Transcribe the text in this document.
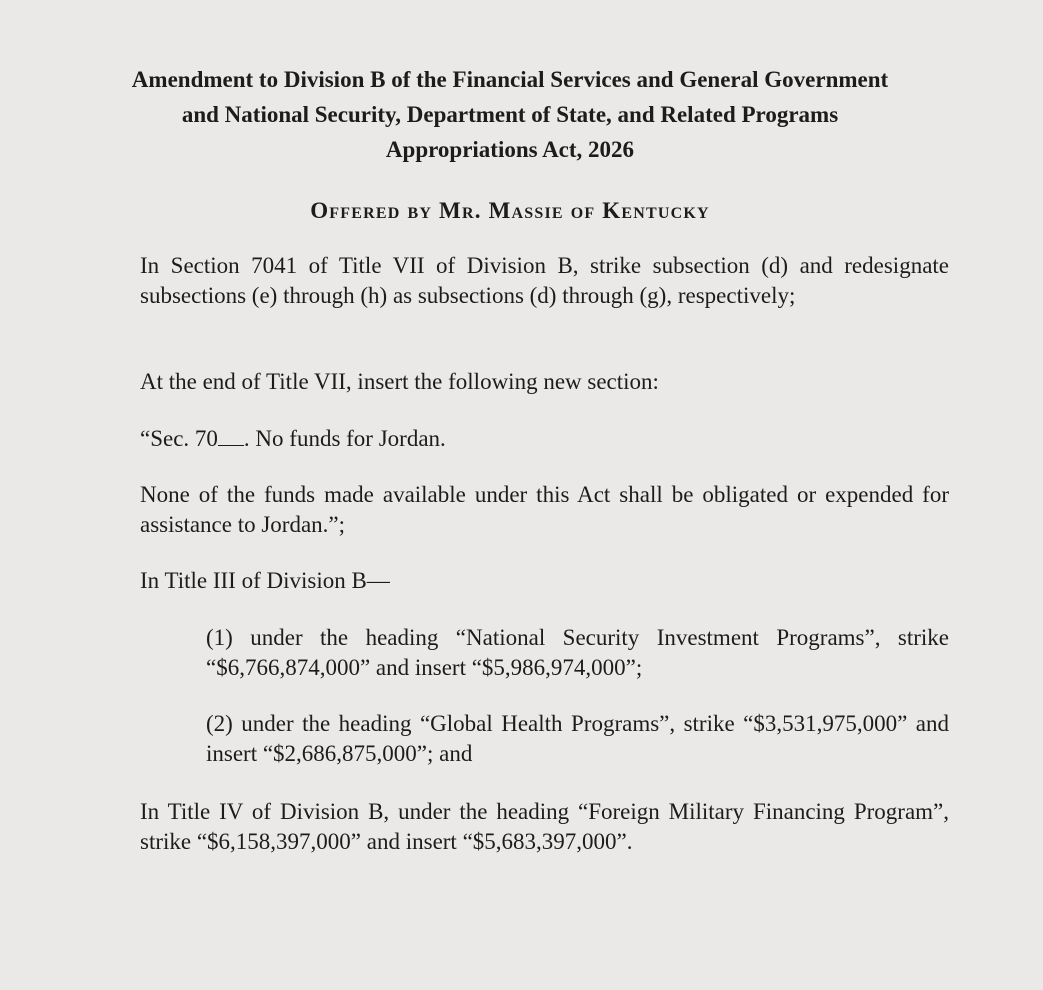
Amendment to Division B of the Financial Services and General Government
and National Security, Department of State, and Related Programs
Appropriations Act, 2026

Offered by Mr. Massie of Kentucky

In Section 7041 of Title VII of Division B, strike subsection (d) and redesignate subsections (e) through (h) as subsections (d) through (g), respectively;

At the end of Title VII, insert the following new section:

“Sec. 70 . No funds for Jordan.

None of the funds made available under this Act shall be obligated or expended for assistance to Jordan.”;

In Title III of Division B—

(1) under the heading “National Security Investment Programs”, strike “$6,766,874,000” and insert “$5,986,974,000”;

(2) under the heading “Global Health Programs”, strike “$3,531,975,000” and insert “$2,686,875,000”; and

In Title IV of Division B, under the heading “Foreign Military Financing Program”, strike “$6,158,397,000” and insert “$5,683,397,000”.
